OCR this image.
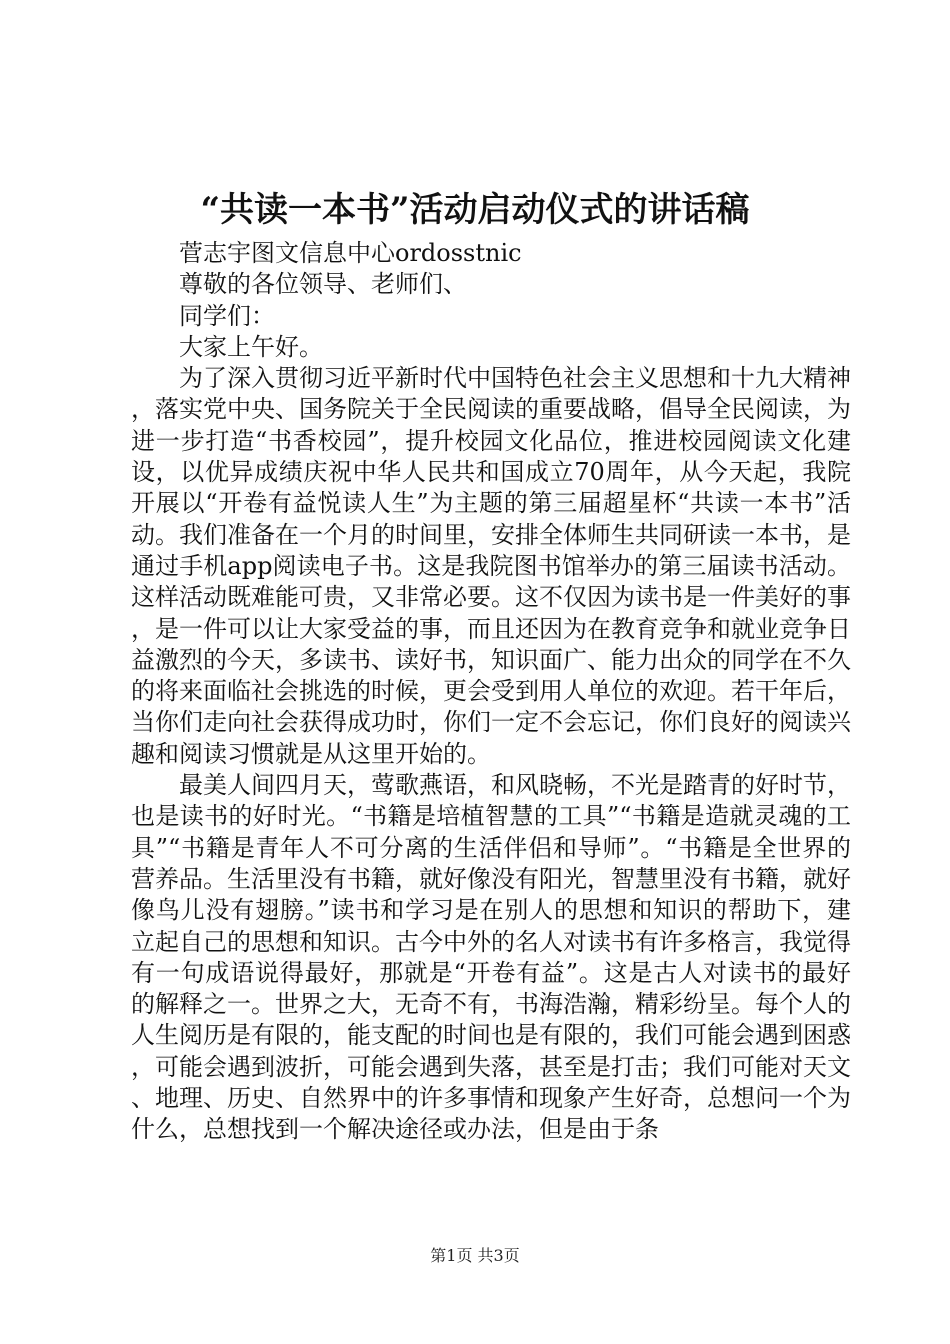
“共读一本书”活动启动仪式的讲话稿

菅志宇图文信息中心ordosstnic

尊敬的各位领导、老师们、

同学们：

大家上午好。

为了深入贯彻习近平新时代中国特色社会主义思想和十九大精神，落实党中央、国务院关于全民阅读的重要战略，倡导全民阅读，为进一步打造“书香校园”，提升校园文化品位，推进校园阅读文化建设，以优异成绩庆祝中华人民共和国成立70周年，从今天起，我院开展以“开卷有益悦读人生”为主题的第三届超星杯“共读一本书”活动。我们准备在一个月的时间里，安排全体师生共同研读一本书，是通过手机app阅读电子书。这是我院图书馆举办的第三届读书活动。这样活动既难能可贵，又非常必要。这不仅因为读书是一件美好的事，是一件可以让大家受益的事，而且还因为在教育竞争和就业竞争日益激烈的今天，多读书、读好书，知识面广、能力出众的同学在不久的将来面临社会挑选的时候，更会受到用人单位的欢迎。若干年后，当你们走向社会获得成功时，你们一定不会忘记，你们良好的阅读兴趣和阅读习惯就是从这里开始的。

最美人间四月天，莺歌燕语，和风晓畅，不光是踏青的好时节，也是读书的好时光。“书籍是培植智慧的工具”“书籍是造就灵魂的工具”“书籍是青年人不可分离的生活伴侣和导师”。“书籍是全世界的营养品。生活里没有书籍，就好像没有阳光，智慧里没有书籍，就好像鸟儿没有翅膀。”读书和学习是在别人的思想和知识的帮助下，建立起自己的思想和知识。古今中外的名人对读书有许多格言，我觉得有一句成语说得最好，那就是“开卷有益”。这是古人对读书的最好的解释之一。世界之大，无奇不有，书海浩瀚，精彩纷呈。每个人的人生阅历是有限的，能支配的时间也是有限的，我们可能会遇到困惑，可能会遇到波折，可能会遇到失落，甚至是打击；我们可能对天文、地理、历史、自然界中的许多事情和现象产生好奇，总想问一个为什么，总想找到一个解决途径或办法，但是由于条

第1页 共3页
